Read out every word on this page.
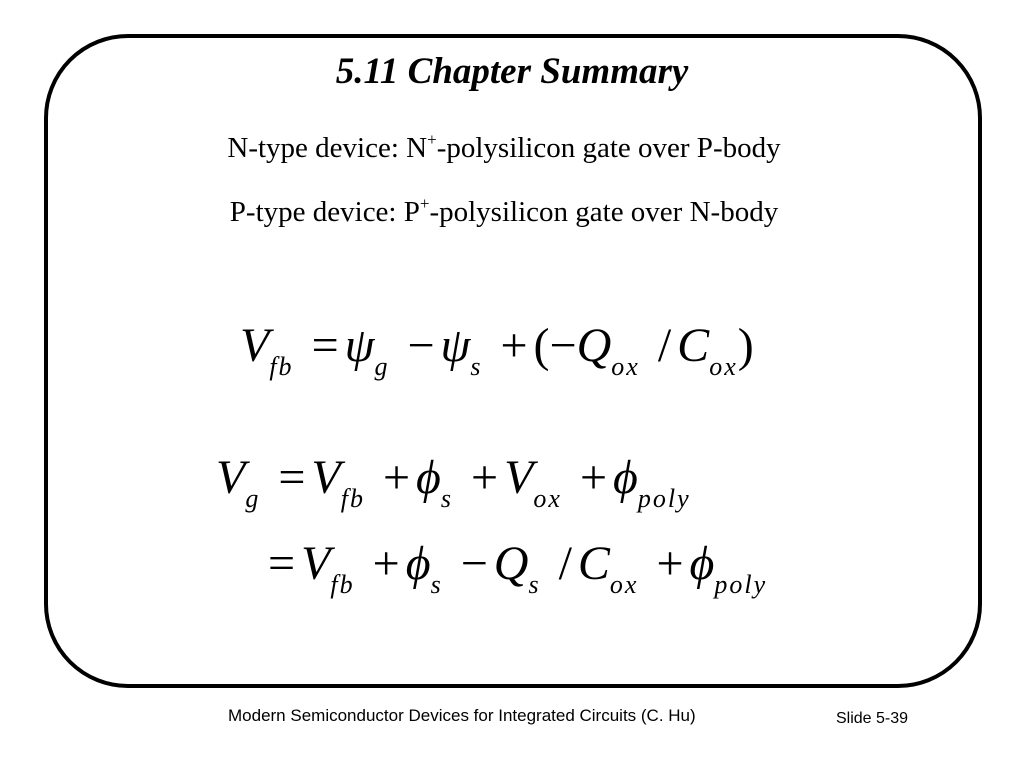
5.11 Chapter Summary
N-type device: N+-polysilicon gate over P-body
P-type device: P+-polysilicon gate over N-body
$V_{fb} = \psi_g - \psi_s + (-Q_{ox} / C_{ox})$
$V_g = V_{fb} + \phi_s + V_{ox} + \phi_{poly}$
= $V_{fb} + \phi_s - Q_s / C_{ox} + \phi_{poly}$
Modern Semiconductor Devices for Integrated Circuits (C. Hu)	Slide 5-39
